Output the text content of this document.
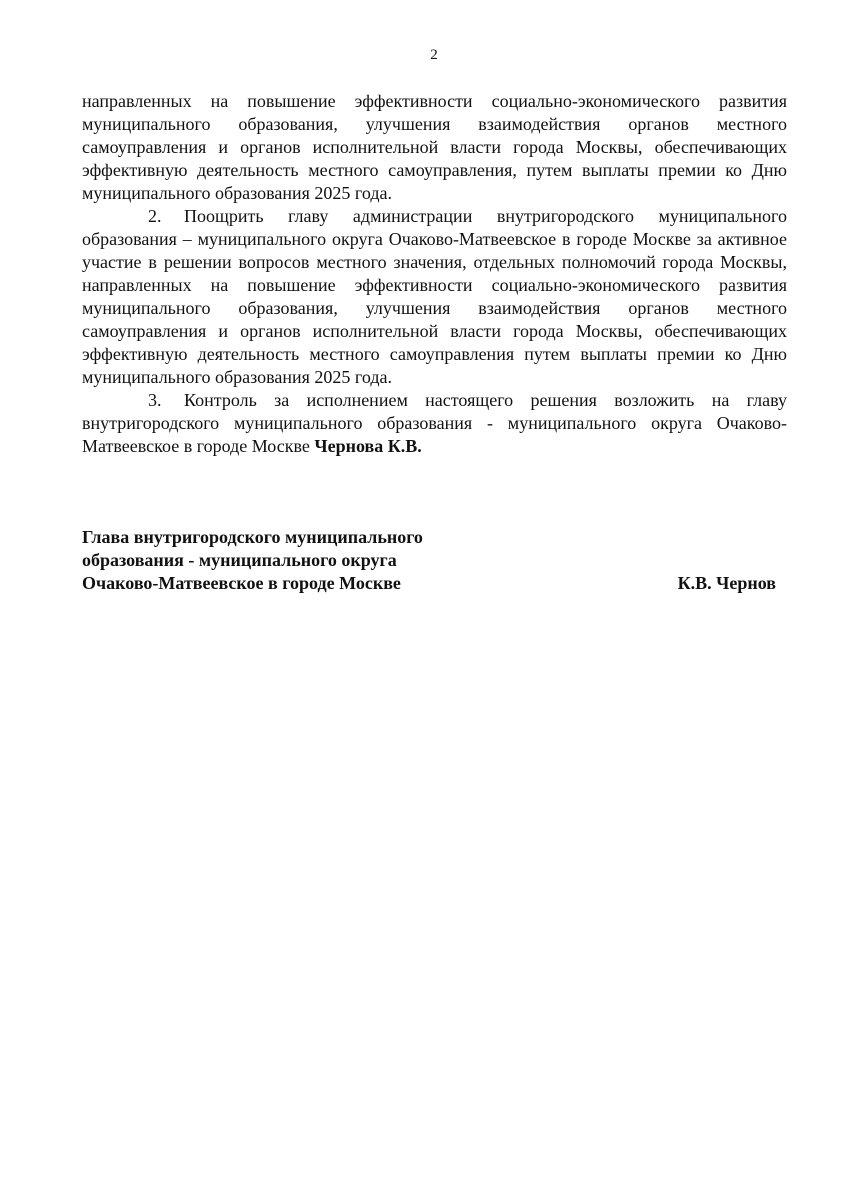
2

направленных на повышение эффективности социально-экономического развития муниципального образования, улучшения взаимодействия органов местного самоуправления и органов исполнительной власти города Москвы, обеспечивающих эффективную деятельность местного самоуправления, путем выплаты премии ко Дню муниципального образования 2025 года.

2. Поощрить главу администрации внутригородского муниципального образования – муниципального округа Очаково-Матвеевское в городе Москве за активное участие в решении вопросов местного значения, отдельных полномочий города Москвы, направленных на повышение эффективности социально-экономического развития муниципального образования, улучшения взаимодействия органов местного самоуправления и органов исполнительной власти города Москвы, обеспечивающих эффективную деятельность местного самоуправления путем выплаты премии ко Дню муниципального образования 2025 года.

3. Контроль за исполнением настоящего решения возложить на главу внутригородского муниципального образования - муниципального округа Очаково-Матвеевское в городе Москве Чернова К.В.

Глава внутригородского муниципального
образования - муниципального округа
Очаково-Матвеевское в городе Москве	К.В. Чернов
